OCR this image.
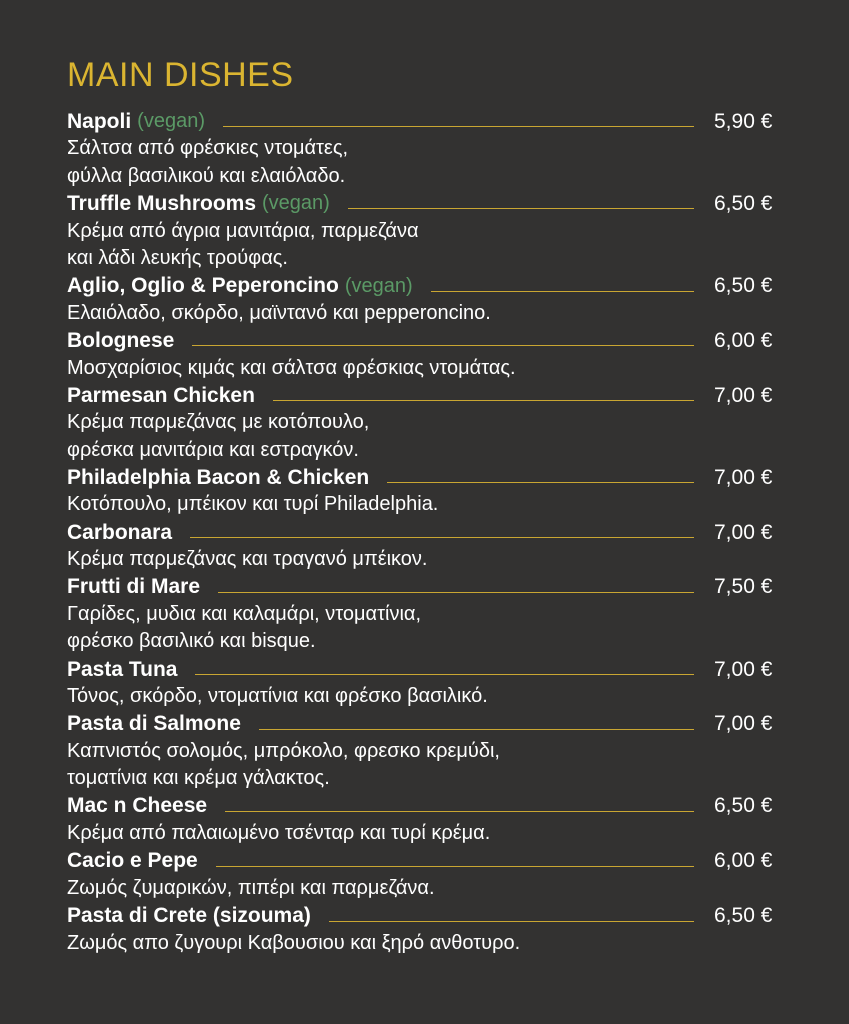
MAIN DISHES
Napoli (vegan)	5,90 €
Σάλτσα από φρέσκιες ντομάτες,
φύλλα βασιλικού και ελαιόλαδο.
Truffle Mushrooms (vegan)	6,50 €
Κρέμα από άγρια μανιτάρια, παρμεζάνα
και λάδι λευκής τρούφας.
Aglio, Oglio & Peperoncino (vegan)	6,50 €
Ελαιόλαδο, σκόρδο, μαϊντανό και pepperoncino.
Bolognese	6,00 €
Μοσχαρίσιος κιμάς και σάλτσα φρέσκιας ντομάτας.
Parmesan Chicken	7,00 €
Κρέμα παρμεζάνας με κοτόπουλο,
φρέσκα μανιτάρια και εστραγκόν.
Philadelphia Bacon & Chicken	7,00 €
Κοτόπουλο, μπέικον και τυρί Philadelphia.
Carbonara	7,00 €
Κρέμα παρμεζάνας και τραγανό μπέικον.
Frutti di Mare	7,50 €
Γαρίδες, μυδια και καλαμάρι, ντοματίνια,
φρέσκο βασιλικό και bisque.
Pasta Tuna	7,00 €
Τόνος, σκόρδο, ντοματίνια και φρέσκο βασιλικό.
Pasta di Salmone	7,00 €
Καπνιστός σολομός, μπρόκολο, φρεσκο κρεμύδι,
τοματίνια και κρέμα γάλακτος.
Mac n Cheese	6,50 €
Κρέμα από παλαιωμένο τσένταρ και τυρί κρέμα.
Cacio e Pepe	6,00 €
Ζωμός ζυμαρικών, πιπέρι και παρμεζάνα.
Pasta di Crete (sizouma)	6,50 €
Ζωμός απο ζυγουρι Καβουσιου και ξηρό ανθοτυρο.
